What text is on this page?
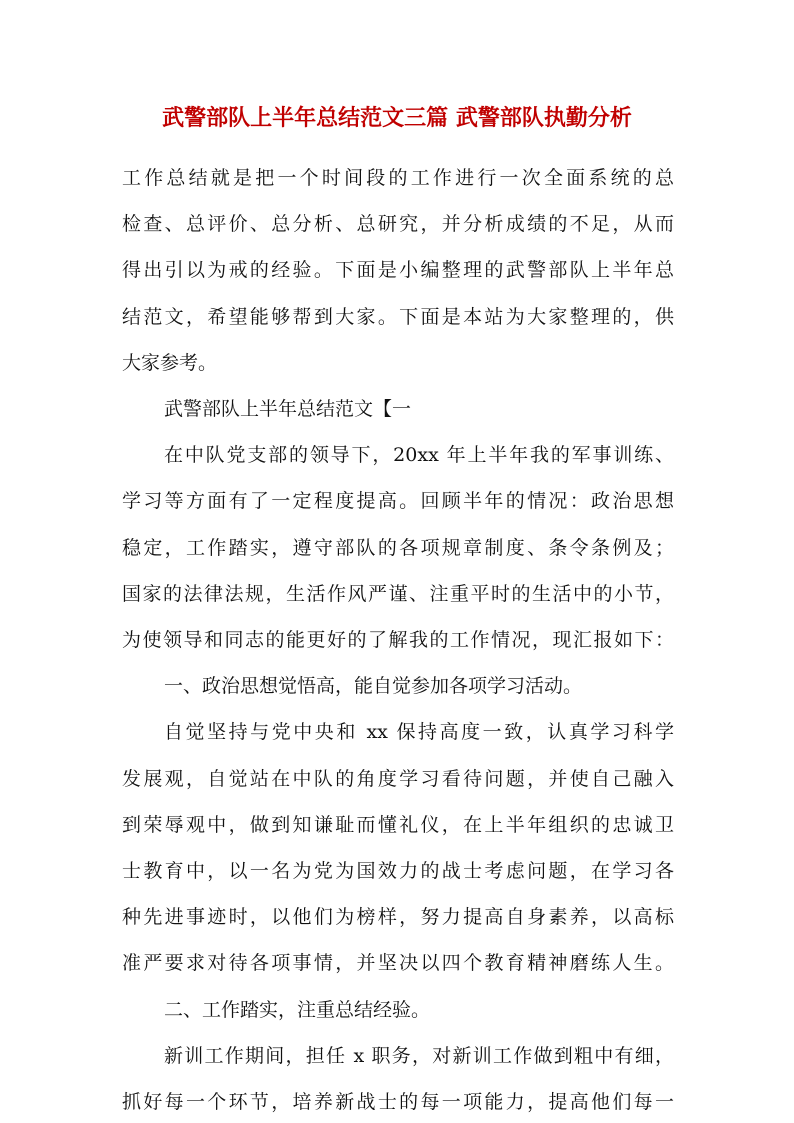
武警部队上半年总结范文三篇 武警部队执勤分析
工作总结就是把一个时间段的工作进行一次全面系统的总
检查、总评价、总分析、总研究，并分析成绩的不足，从而
得出引以为戒的经验。下面是小编整理的武警部队上半年总
结范文，希望能够帮到大家。下面是本站为大家整理的，供
大家参考。
武警部队上半年总结范文【一
在中队党支部的领导下，20xx 年上半年我的军事训练、
学习等方面有了一定程度提高。回顾半年的情况：政治思想
稳定，工作踏实，遵守部队的各项规章制度、条令条例及；
国家的法律法规，生活作风严谨、注重平时的生活中的小节，
为使领导和同志的能更好的了解我的工作情况，现汇报如下：
一、政治思想觉悟高，能自觉参加各项学习活动。
自觉坚持与党中央和 xx 保持高度一致，认真学习科学
发展观，自觉站在中队的角度学习看待问题，并使自己融入
到荣辱观中，做到知谦耻而懂礼仪，在上半年组织的忠诚卫
士教育中，以一名为党为国效力的战士考虑问题，在学习各
种先进事迹时，以他们为榜样，努力提高自身素养，以高标
准严要求对待各项事情，并坚决以四个教育精神磨练人生。
二、工作踏实，注重总结经验。
新训工作期间，担任 x 职务，对新训工作做到粗中有细，
抓好每一个环节，培养新战士的每一项能力，提高他们每一
